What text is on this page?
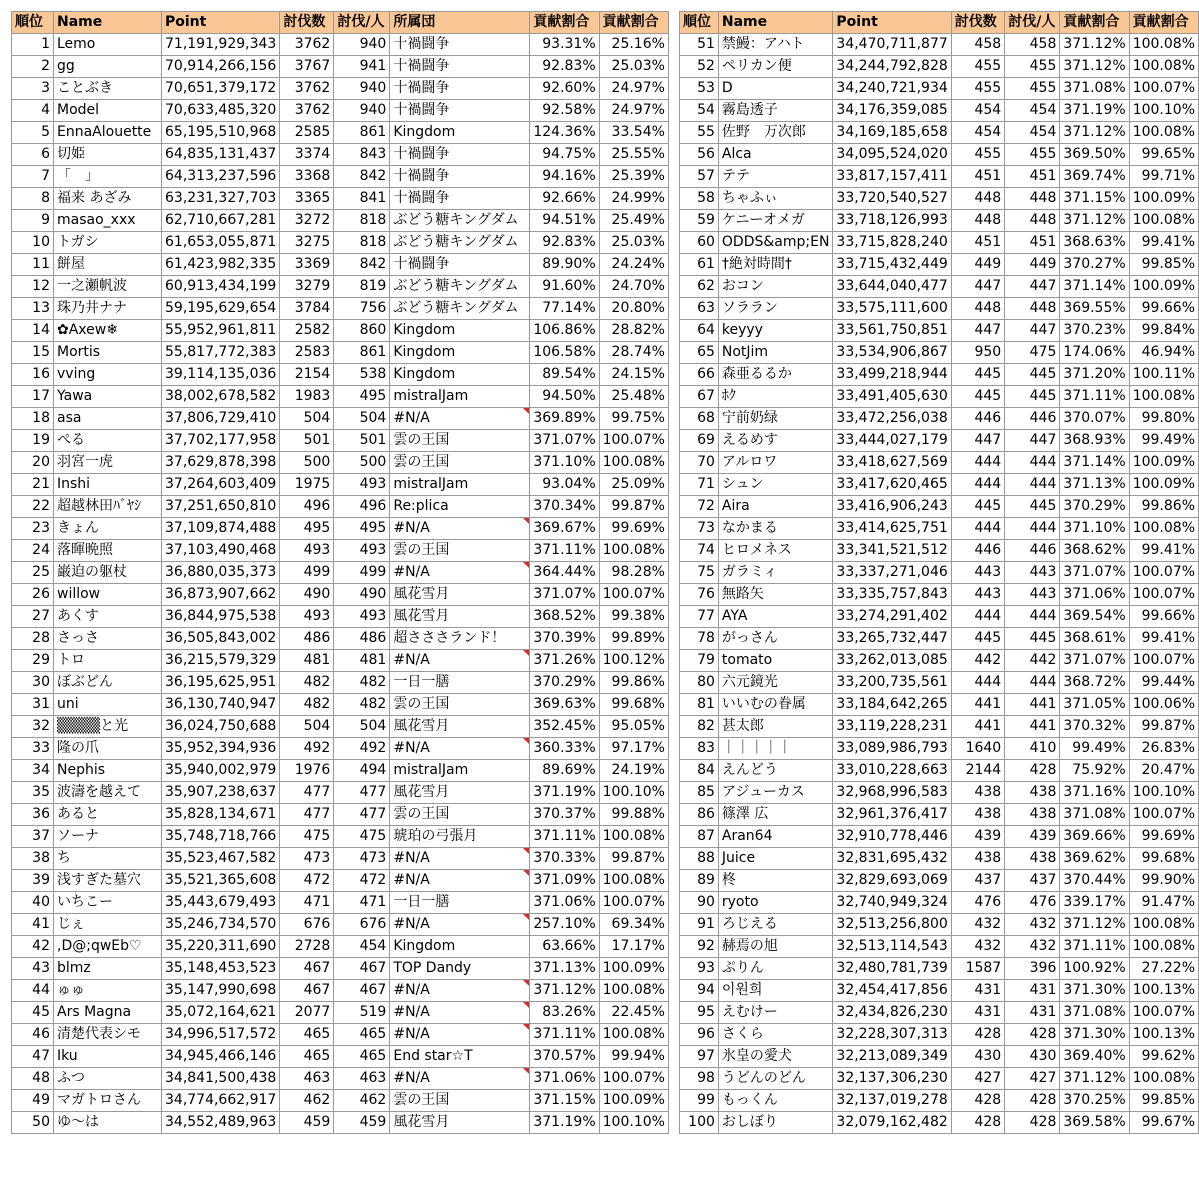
順位	Name	Point	討伐数	討伐/人	所属団	貢献割合	貢献割合
1	Lemo	71,191,929,343	3762	940	十禍闘争	93.31%	25.16%
2	gg	70,914,266,156	3767	941	十禍闘争	92.83%	25.03%
3	ことぶき	70,651,379,172	3762	940	十禍闘争	92.60%	24.97%
4	Model	70,633,485,320	3762	940	十禍闘争	92.58%	24.97%
5	EnnaAlouette	65,195,510,968	2585	861	Kingdom	124.36%	33.54%
6	切姫	64,835,131,437	3374	843	十禍闘争	94.75%	25.55%
7	「　」	64,313,237,596	3368	842	十禍闘争	94.16%	25.39%
8	福来 あざみ	63,231,327,703	3365	841	十禍闘争	92.66%	24.99%
9	masao_xxx	62,710,667,281	3272	818	ぶどう糖キングダム	94.51%	25.49%
10	トガシ	61,653,055,871	3275	818	ぶどう糖キングダム	92.83%	25.03%
11	餅屋	61,423,982,335	3369	842	十禍闘争	89.90%	24.24%
12	一之瀬帆波	60,913,434,199	3279	819	ぶどう糖キングダム	91.60%	24.70%
13	珠乃井ナナ	59,195,629,654	3784	756	ぶどう糖キングダム	77.14%	20.80%
14	✿Axew❄	55,952,961,811	2582	860	Kingdom	106.86%	28.82%
15	Mortis	55,817,772,383	2583	861	Kingdom	106.58%	28.74%
16	vving	39,114,135,036	2154	538	Kingdom	89.54%	24.15%
17	Yawa	38,002,678,582	1983	495	mistralJam	94.50%	25.48%
18	asa	37,806,729,410	504	504	#N/A	369.89%	99.75%
19	ぺる	37,702,177,958	501	501	雲の王国	371.07%	100.07%
20	羽宮一虎	37,629,878,398	500	500	雲の王国	371.10%	100.08%
21	Inshi	37,264,603,409	1975	493	mistralJam	93.04%	25.09%
22	超越林田ﾊﾞﾔｼ	37,251,650,810	496	496	Re:plica	370.34%	99.87%
23	きょん	37,109,874,488	495	495	#N/A	369.67%	99.69%
24	落暉晩照	37,103,490,468	493	493	雲の王国	371.11%	100.08%
25	巌迫の躯杖	36,880,035,373	499	499	#N/A	364.44%	98.28%
26	willow	36,873,907,662	490	490	風花雪月	371.07%	100.07%
27	あくす	36,844,975,538	493	493	風花雪月	368.52%	99.38%
28	さっさ	36,505,843,002	486	486	超さささランド！	370.39%	99.89%
29	トロ	36,215,579,329	481	481	#N/A	371.26%	100.12%
30	ぼぶどん	36,195,625,951	482	482	一日一膳	370.29%	99.86%
31	uni	36,130,740,947	482	482	雲の王国	369.63%	99.68%
32	▒▒▒▒と光	36,024,750,688	504	504	風花雪月	352.45%	95.05%
33	隆の爪	35,952,394,936	492	492	#N/A	360.33%	97.17%
34	Nephis	35,940,002,979	1976	494	mistralJam	89.69%	24.19%
35	波濤を越えて	35,907,238,637	477	477	風花雪月	371.19%	100.10%
36	あると	35,828,134,671	477	477	雲の王国	370.37%	99.88%
37	ソーナ	35,748,718,766	475	475	琥珀の弓張月	371.11%	100.08%
38	ち	35,523,467,582	473	473	#N/A	370.33%	99.87%
39	浅すぎた墓穴	35,521,365,608	472	472	#N/A	371.09%	100.08%
40	いちこー	35,443,679,493	471	471	一日一膳	371.06%	100.07%
41	じぇ	35,246,734,570	676	676	#N/A	257.10%	69.34%
42	,D@;qwEb♡	35,220,311,690	2728	454	Kingdom	63.66%	17.17%
43	blmz	35,148,453,523	467	467	TOP Dandy	371.13%	100.09%
44	ゅゅ	35,147,990,698	467	467	#N/A	371.12%	100.08%
45	Ars Magna	35,072,164,621	2077	519	#N/A	83.26%	22.45%
46	清楚代表シモ	34,996,517,572	465	465	#N/A	371.11%	100.08%
47	Iku	34,945,466,146	465	465	End star☆T	370.57%	99.94%
48	ふつ	34,841,500,438	463	463	#N/A	371.06%	100.07%
49	マガトロさん	34,774,662,917	462	462	雲の王国	371.15%	100.09%
50	ゆ〜は	34,552,489,963	459	459	風花雪月	371.19%	100.10%
順位	Name	Point	討伐数	討伐/人	貢献割合	貢献割合
51	禁鰻：アハト	34,470,711,877	458	458	371.12%	100.08%
52	ペリカン便	34,244,792,828	455	455	371.12%	100.08%
53	D	34,240,721,934	455	455	371.08%	100.07%
54	霧島透子	34,176,359,085	454	454	371.19%	100.10%
55	佐野　万次郎	34,169,185,658	454	454	371.12%	100.08%
56	Alca	34,095,524,020	455	455	369.50%	99.65%
57	テテ	33,817,157,411	451	451	369.74%	99.71%
58	ちゃふぃ	33,720,540,527	448	448	371.15%	100.09%
59	ケニーオメガ	33,718,126,993	448	448	371.12%	100.08%
60	ODDS&amp;EN	33,715,828,240	451	451	368.63%	99.41%
61	†絶対時間†	33,715,432,449	449	449	370.27%	99.85%
62	おコン	33,644,040,477	447	447	371.14%	100.09%
63	ソララン	33,575,111,600	448	448	369.55%	99.66%
64	keyyy	33,561,750,851	447	447	370.23%	99.84%
65	NotJim	33,534,906,867	950	475	174.06%	46.94%
66	森亜るるか	33,499,218,944	445	445	371.20%	100.11%
67	ﾎｸ	33,491,405,630	445	445	371.11%	100.08%
68	宁前奶绿	33,472,256,038	446	446	370.07%	99.80%
69	えるめす	33,444,027,179	447	447	368.93%	99.49%
70	アルロワ	33,418,627,569	444	444	371.14%	100.09%
71	シュン	33,417,620,465	444	444	371.13%	100.09%
72	Aira	33,416,906,243	445	445	370.29%	99.86%
73	なかまる	33,414,625,751	444	444	371.10%	100.08%
74	ヒロメネス	33,341,521,512	446	446	368.62%	99.41%
75	ガラミィ	33,337,271,046	443	443	371.07%	100.07%
76	無路矢	33,335,757,843	443	443	371.06%	100.07%
77	AYA	33,274,291,402	444	444	369.54%	99.66%
78	がっさん	33,265,732,447	445	445	368.61%	99.41%
79	tomato	33,262,013,085	442	442	371.07%	100.07%
80	六元鏡光	33,200,735,561	444	444	368.72%	99.44%
81	いいむの眷属	33,184,642,265	441	441	371.05%	100.06%
82	甚太郎	33,119,228,231	441	441	370.32%	99.87%
83	｜｜｜｜｜	33,089,986,793	1640	410	99.49%	26.83%
84	えんどう	33,010,228,663	2144	428	75.92%	20.47%
85	アジューカス	32,968,996,583	438	438	371.16%	100.10%
86	篠澤 広	32,961,376,417	438	438	371.08%	100.07%
87	Aran64	32,910,778,446	439	439	369.66%	99.69%
88	Juice	32,831,695,432	438	438	369.62%	99.68%
89	柊	32,829,693,069	437	437	370.44%	99.90%
90	ryoto	32,740,949,324	476	476	339.17%	91.47%
91	ろじえる	32,513,256,800	432	432	371.12%	100.08%
92	赫焉の旭	32,513,114,543	432	432	371.11%	100.08%
93	ぷりん	32,480,781,739	1587	396	100.92%	27.22%
94	이원희	32,454,417,856	431	431	371.30%	100.13%
95	えむけー	32,434,826,230	431	431	371.08%	100.07%
96	さくら	32,228,307,313	428	428	371.30%	100.13%
97	氷皇の愛犬	32,213,089,349	430	430	369.40%	99.62%
98	うどんのどん	32,137,306,230	427	427	371.12%	100.08%
99	もっくん	32,137,019,278	428	428	370.25%	99.85%
100	おしぼり	32,079,162,482	428	428	369.58%	99.67%
